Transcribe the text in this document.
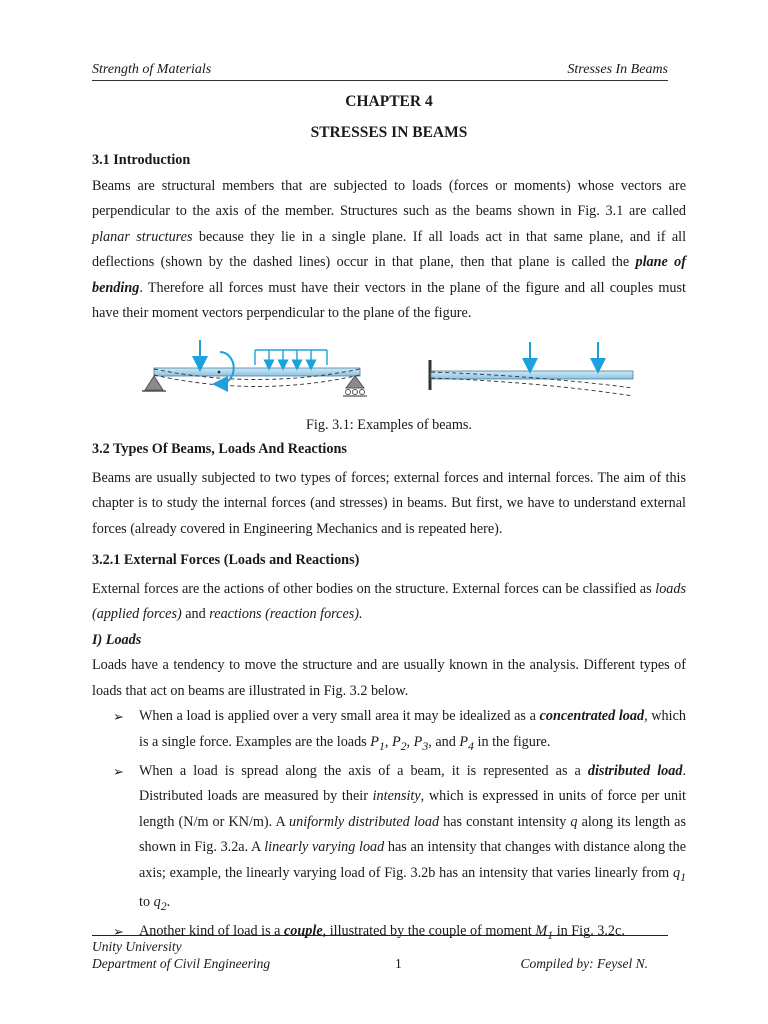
Strength of Materials	Stresses In Beams
CHAPTER 4
STRESSES IN BEAMS
3.1 Introduction

Beams are structural members that are subjected to loads (forces or moments) whose vectors are perpendicular to the axis of the member. Structures such as the beams shown in Fig. 3.1 are called planar structures because they lie in a single plane. If all loads act in that same plane, and if all deflections (shown by the dashed lines) occur in that plane, then that plane is called the plane of bending. Therefore all forces must have their vectors in the plane of the figure and all couples must have their moment vectors perpendicular to the plane of the figure.

Fig. 3.1: Examples of beams.
3.2 Types Of Beams, Loads And Reactions

Beams are usually subjected to two types of forces; external forces and internal forces. The aim of this chapter is to study the internal forces (and stresses) in beams. But first, we have to understand external forces (already covered in Engineering Mechanics and is repeated here).

3.2.1 External Forces (Loads and Reactions)

External forces are the actions of other bodies on the structure. External forces can be classified as loads (applied forces) and reactions (reaction forces).

I) Loads

Loads have a tendency to move the structure and are usually known in the analysis. Different types of loads that act on beams are illustrated in Fig. 3.2 below.

➢ When a load is applied over a very small area it may be idealized as a concentrated load, which is a single force. Examples are the loads $P_1$, $P_2$, $P_3$, and $P_4$ in the figure.

➢ When a load is spread along the axis of a beam, it is represented as a distributed load. Distributed loads are measured by their intensity, which is expressed in units of force per unit length (N/m or KN/m). A uniformly distributed load has constant intensity q along its length as shown in Fig. 3.2a. A linearly varying load has an intensity that changes with distance along the axis; example, the linearly varying load of Fig. 3.2b has an intensity that varies linearly from $q_1$ to $q_2$.

➢ Another kind of load is a couple, illustrated by the couple of moment $M_1$ in Fig. 3.2c.

Unity University
Department of Civil Engineering	1	Compiled by: Feysel N.
